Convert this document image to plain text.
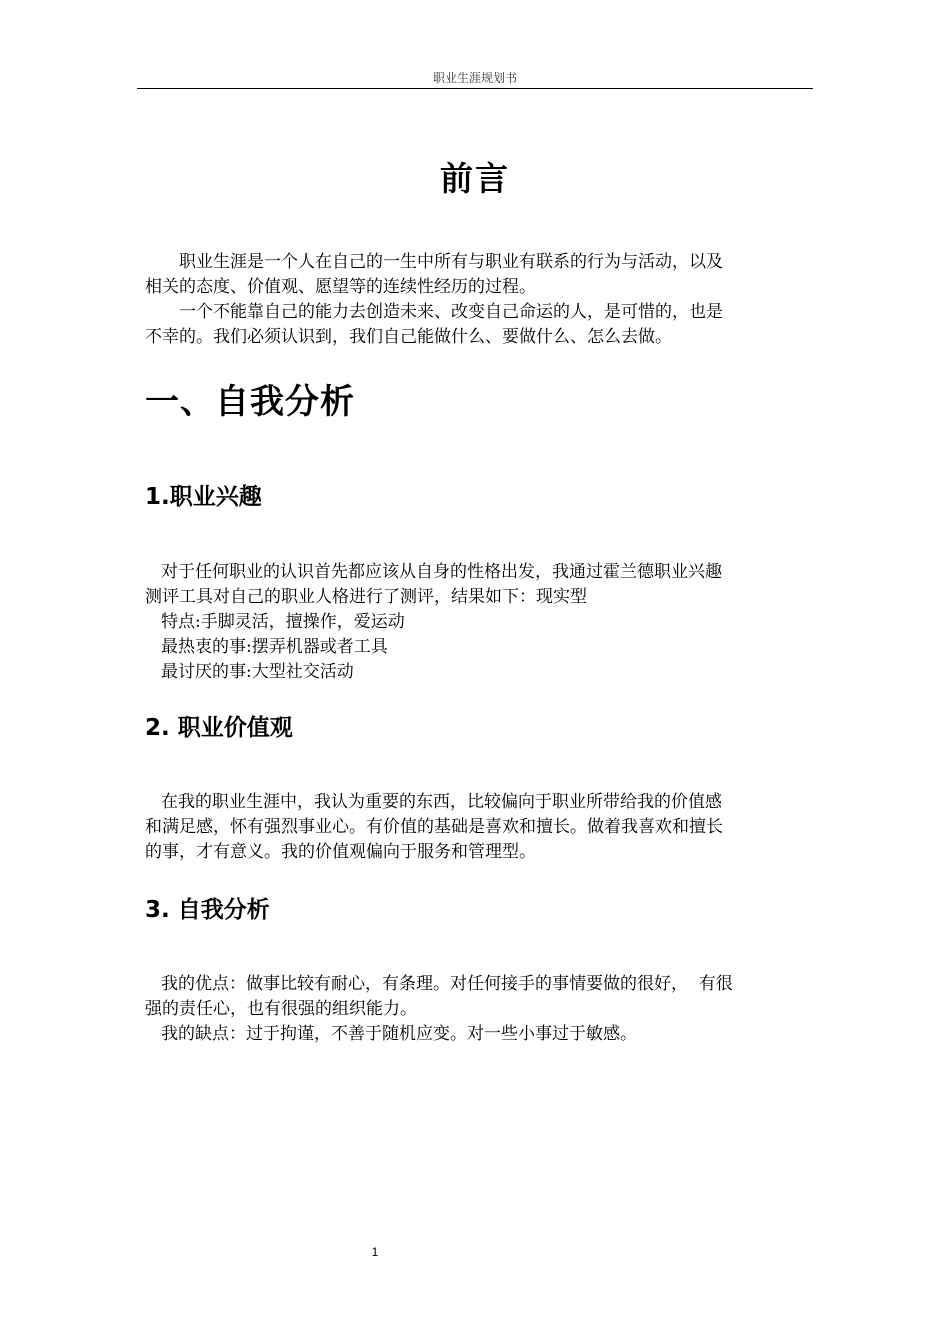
职业生涯规划书
前言

职业生涯是一个人在自己的一生中所有与职业有联系的行为与活动，以及
相关的态度、价值观、愿望等的连续性经历的过程。

一个不能靠自己的能力去创造未来、改变自己命运的人，是可惜的，也是
不幸的。我们必须认识到，我们自己能做什么、要做什么、怎么去做。

一、自我分析
1.职业兴趣

对于任何职业的认识首先都应该从自身的性格出发，我通过霍兰德职业兴趣
测评工具对自己的职业人格进行了测评，结果如下：现实型
特点:手脚灵活，擅操作，爱运动
最热衷的事:摆弄机器或者工具
最讨厌的事:大型社交活动

2. 职业价值观

在我的职业生涯中，我认为重要的东西，比较偏向于职业所带给我的价值感
和满足感，怀有强烈事业心。有价值的基础是喜欢和擅长。做着我喜欢和擅长
的事，才有意义。我的价值观偏向于服务和管理型。

3. 自我分析

我的优点：做事比较有耐心，有条理。对任何接手的事情要做的很好，  有很
强的责任心，也有很强的组织能力。
我的缺点：过于拘谨，不善于随机应变。对一些小事过于敏感。

1
